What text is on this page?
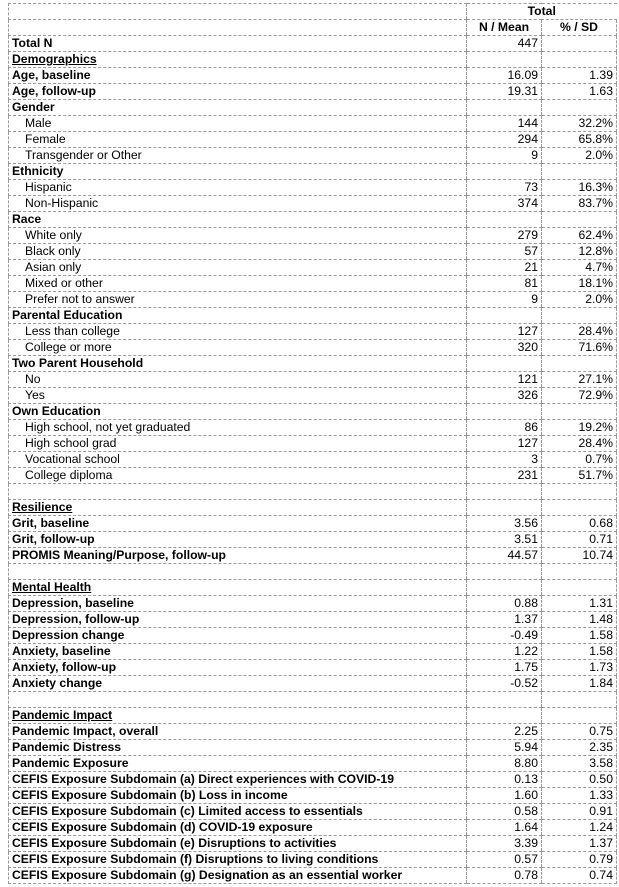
	Total	
	N / Mean	% / SD
Total N	447	
Demographics		
Age, baseline	16.09	1.39
Age, follow-up	19.31	1.63
Gender		
Male	144	32.2%
Female	294	65.8%
Transgender or Other	9	2.0%
Ethnicity		
Hispanic	73	16.3%
Non-Hispanic	374	83.7%
Race		
White only	279	62.4%
Black only	57	12.8%
Asian only	21	4.7%
Mixed or other	81	18.1%
Prefer not to answer	9	2.0%
Parental Education		
Less than college	127	28.4%
College or more	320	71.6%
Two Parent Household		
No	121	27.1%
Yes	326	72.9%
Own Education		
High school, not yet graduated	86	19.2%
High school grad	127	28.4%
Vocational school	3	0.7%
College diploma	231	51.7%

Resilience		
Grit, baseline	3.56	0.68
Grit, follow-up	3.51	0.71
PROMIS Meaning/Purpose, follow-up	44.57	10.74

Mental Health		
Depression, baseline	0.88	1.31
Depression, follow-up	1.37	1.48
Depression change	-0.49	1.58
Anxiety, baseline	1.22	1.58
Anxiety, follow-up	1.75	1.73
Anxiety change	-0.52	1.84

Pandemic Impact		
Pandemic Impact, overall	2.25	0.75
Pandemic Distress	5.94	2.35
Pandemic Exposure	8.80	3.58
CEFIS Exposure Subdomain (a) Direct experiences with COVID-19	0.13	0.50
CEFIS Exposure Subdomain (b) Loss in income	1.60	1.33
CEFIS Exposure Subdomain (c) Limited access to essentials	0.58	0.91
CEFIS Exposure Subdomain (d) COVID-19 exposure	1.64	1.24
CEFIS Exposure Subdomain (e) Disruptions to activities	3.39	1.37
CEFIS Exposure Subdomain (f) Disruptions to living conditions	0.57	0.79
CEFIS Exposure Subdomain (g) Designation as an essential worker	0.78	0.74
